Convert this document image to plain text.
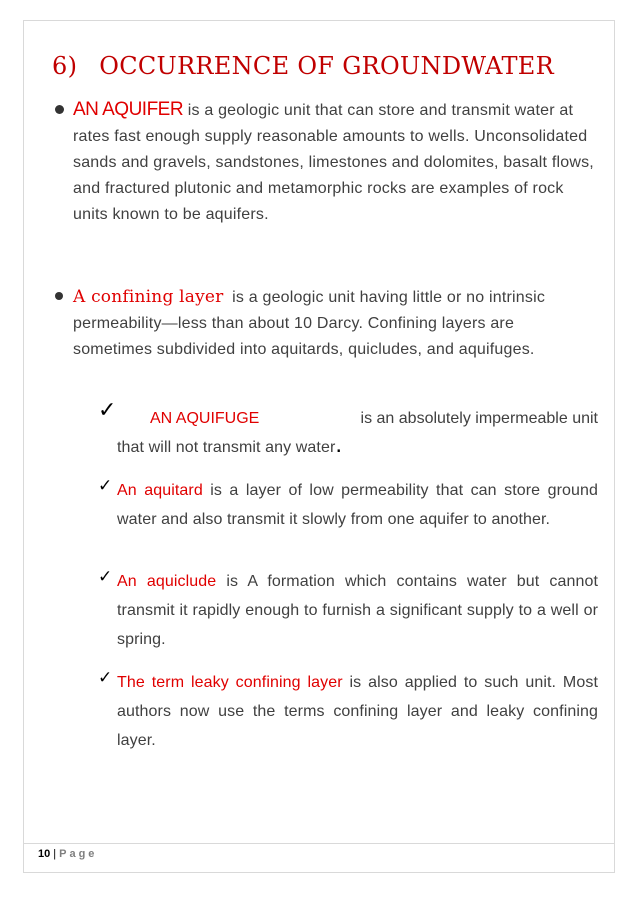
6) OCCURRENCE OF GROUNDWATER
AN AQUIFER is a geologic unit that can store and transmit water at rates fast enough supply reasonable amounts to wells. Unconsolidated sands and gravels, sandstones, limestones and dolomites, basalt flows, and fractured plutonic and metamorphic rocks are examples of rock units known to be aquifers.
A confining layer is a geologic unit having little or no intrinsic permeability—less than about 10 Darcy. Confining layers are sometimes subdivided into aquitards, quicludes, and aquifuges.
✓ AN AQUIFUGE	is an absolutely impermeable unit
that will not transmit any water.
✓ An aquitard is a layer of low permeability that can store ground water and also transmit it slowly from one aquifer to another.
✓ An aquiclude is A formation which contains water but cannot transmit it rapidly enough to furnish a significant supply to a well or spring.
✓ The term leaky confining layer is also applied to such unit. Most authors now use the terms confining layer and leaky confining layer.
10 | Page
